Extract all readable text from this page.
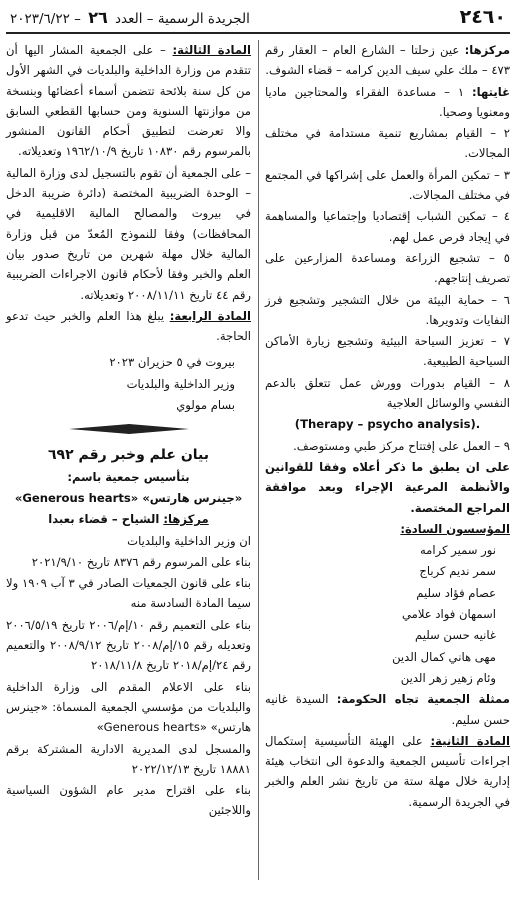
٢٤٦٠
الجريدة الرسمية – العدد ٢٦ – ٢٠٢٣/٦/٢٢

مركزها: عين زحلتا – الشارع العام – العقار رقم ٤٧٣ – ملك علي سيف الدين كرامه – قضاء الشوف.

غايتها: ١ – مساعدة الفقراء والمحتاجين ماديا ومعنويا وصحيا.

٢ – القيام بمشاريع تنمية مستدامة في مختلف المجالات.

٣ – تمكين المرأة والعمل على إشراكها في المجتمع في مختلف المجالات.

٤ – تمكين الشباب إقتصاديا وإجتماعيا والمساهمة في إيجاد فرص عمل لهم.

٥ – تشجيع الزراعة ومساعدة المزارعين على تصريف إنتاجهم.

٦ – حماية البيئة من خلال التشجير وتشجيع فرز النفايات وتدويرها.

٧ – تعزيز السياحة البيئية وتشجيع زيارة الأماكن السياحية الطبيعية.

٨ – القيام بدورات وورش عمل تتعلق بالدعم النفسي والوسائل العلاجية

(Therapy – psycho analysis).

٩ – العمل على إفتتاح مركز طبي ومستوصف.

على ان يطبق ما ذكر أعلاه وفقا للقوانين والأنظمة المرعية الإجراء وبعد موافقة المراجع المختصة.

المؤسسون السادة:

نور سمير كرامه

سمر نديم كرباج

عصام فؤاد سليم

اسمهان فواد علامي

غانيه حسن سليم

مهى هاني كمال الدين

وئام زهير زهر الدين

ممثلة الجمعية تجاه الحكومة: السيدة غانيه حسن سليم.

المادة الثانية: على الهيئة التأسيسية إستكمال اجراءات تأسيس الجمعية والدعوة الى انتخاب هيئة إدارية خلال مهلة ستة من تاريخ نشر العلم والخبر في الجريدة الرسمية.

المادة الثالثة: – على الجمعية المشار اليها أن تتقدم من وزارة الداخلية والبلديات في الشهر الأول من كل سنة بلائحة تتضمن أسماء أعضائها وبنسخة من موازنتها السنوية ومن حسابها القطعي السابق والا تعرضت لتطبيق أحكام القانون المنشور بالمرسوم رقم ١٠٨٣٠ تاريخ ١٩٦٢/١٠/٩ وتعديلاته.

– على الجمعية أن تقوم بالتسجيل لدى وزارة المالية – الوحدة الضريبية المختصة (دائرة ضريبة الدخل في بيروت والمصالح المالية الاقليمية في المحافظات) وفقا للنموذج المُعدّ من قبل وزارة المالية خلال مهلة شهرين من تاريخ صدور بيان العلم والخبر وفقا لأحكام قانون الاجراءات الضريبية رقم ٤٤ تاريخ ٢٠٠٨/١١/١١ وتعديلاته.

المادة الرابعة: يبلغ هذا العلم والخبر حيث تدعو الحاجة.

بيروت في ٥ حزيران ٢٠٢٣

وزير الداخلية والبلديات

بسام مولوي

بيان علم وخبر رقم ٦٩٢

بتأسيس جمعية باسم:

«جينرس هارتس» «Generous hearts»

مركزها: الشياح – قضاء بعبدا

ان وزير الداخلية والبلديات

بناء على المرسوم رقم ٨٣٧٦ تاريخ ٢٠٢١/٩/١٠

بناء على قانون الجمعيات الصادر في ٣ آب ١٩٠٩ ولا سيما المادة السادسة منه

بناء على التعميم رقم ١٠/إم/٢٠٠٦ تاريخ ٢٠٠٦/٥/١٩ وتعديله رقم ١٥/إم/٢٠٠٨ تاريخ ٢٠٠٨/٩/١٢ والتعميم رقم ٢٤/إم/٢٠١٨ تاريخ ٢٠١٨/١١/٨

بناء على الاعلام المقدم الى وزارة الداخلية والبلديات من مؤسسي الجمعية المسماة: «جينرس هارتس» «Generous hearts»

والمسجل لدى المديرية الادارية المشتركة برقم ١٨٨٨١ تاريخ ٢٠٢٢/١٢/١٣

بناء على اقتراح مدير عام الشؤون السياسية واللاجئين
